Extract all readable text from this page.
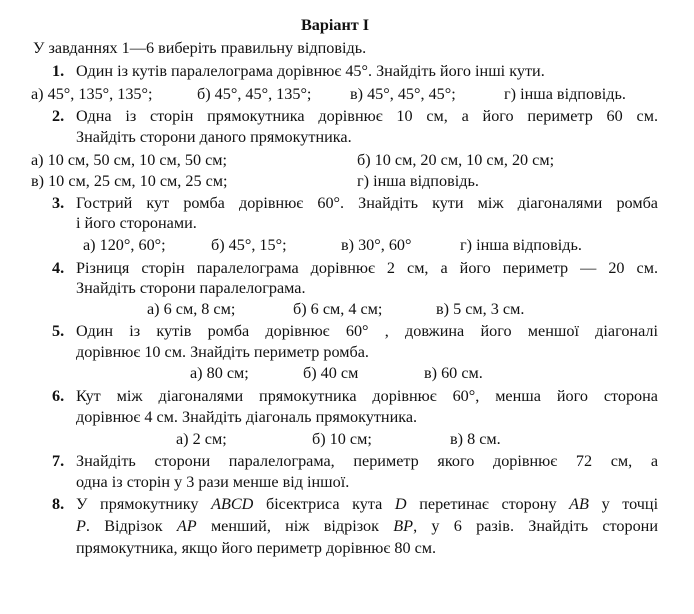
Варіант I
У завданнях 1—6 виберіть правильну відповідь.
1. Один із кутів паралелограма дорівнює 45°. Знайдіть його інші кути.
а) 45°, 135°, 135°;	б) 45°, 45°, 135°; в) 45°, 45°, 45°;	г) інша відповідь.
2. Одна із сторін прямокутника дорівнює 10 см, а його периметр 60 см.
Знайдіть сторони даного прямокутника.
а) 10 см, 50 см, 10 см, 50 см;	б) 10 см, 20 см, 10 см, 20 см;
в) 10 см, 25 см, 10 см, 25 см;	г) інша відповідь.
3. Гострий кут ромба дорівнює 60°. Знайдіть кути між діагоналями ромба
і його сторонами.
а) 120°, 60°;	б) 45°, 15°;	в) 30°, 60°	г) інша відповідь.
4. Різниця сторін паралелограма дорівнює 2 см, а його периметр — 20 см.
Знайдіть сторони паралелограма.
а) 6 см, 8 см;	б) 6 см, 4 см;	в) 5 см, 3 см.
5. Один із кутів ромба дорівнює 60° , довжина його меншої діагоналі
дорівнює 10 см. Знайдіть периметр ромба.
а) 80 см;	б) 40 см	в) 60 см.
6. Кут між діагоналями прямокутника дорівнює 60°, менша його сторона
дорівнює 4 см. Знайдіть діагональ прямокутника.
а) 2 см;	б) 10 см;	в) 8 см.
7. Знайдіть сторони паралелограма, периметр якого дорівнює 72 см, а
одна із сторін у 3 рази менше від іншої.
8. У прямокутнику ABCD бісектриса кута D перетинає сторону AB у точці
P. Відрізок AP менший, ніж відрізок BP, у 6 разів. Знайдіть сторони
прямокутника, якщо його периметр дорівнює 80 см.
